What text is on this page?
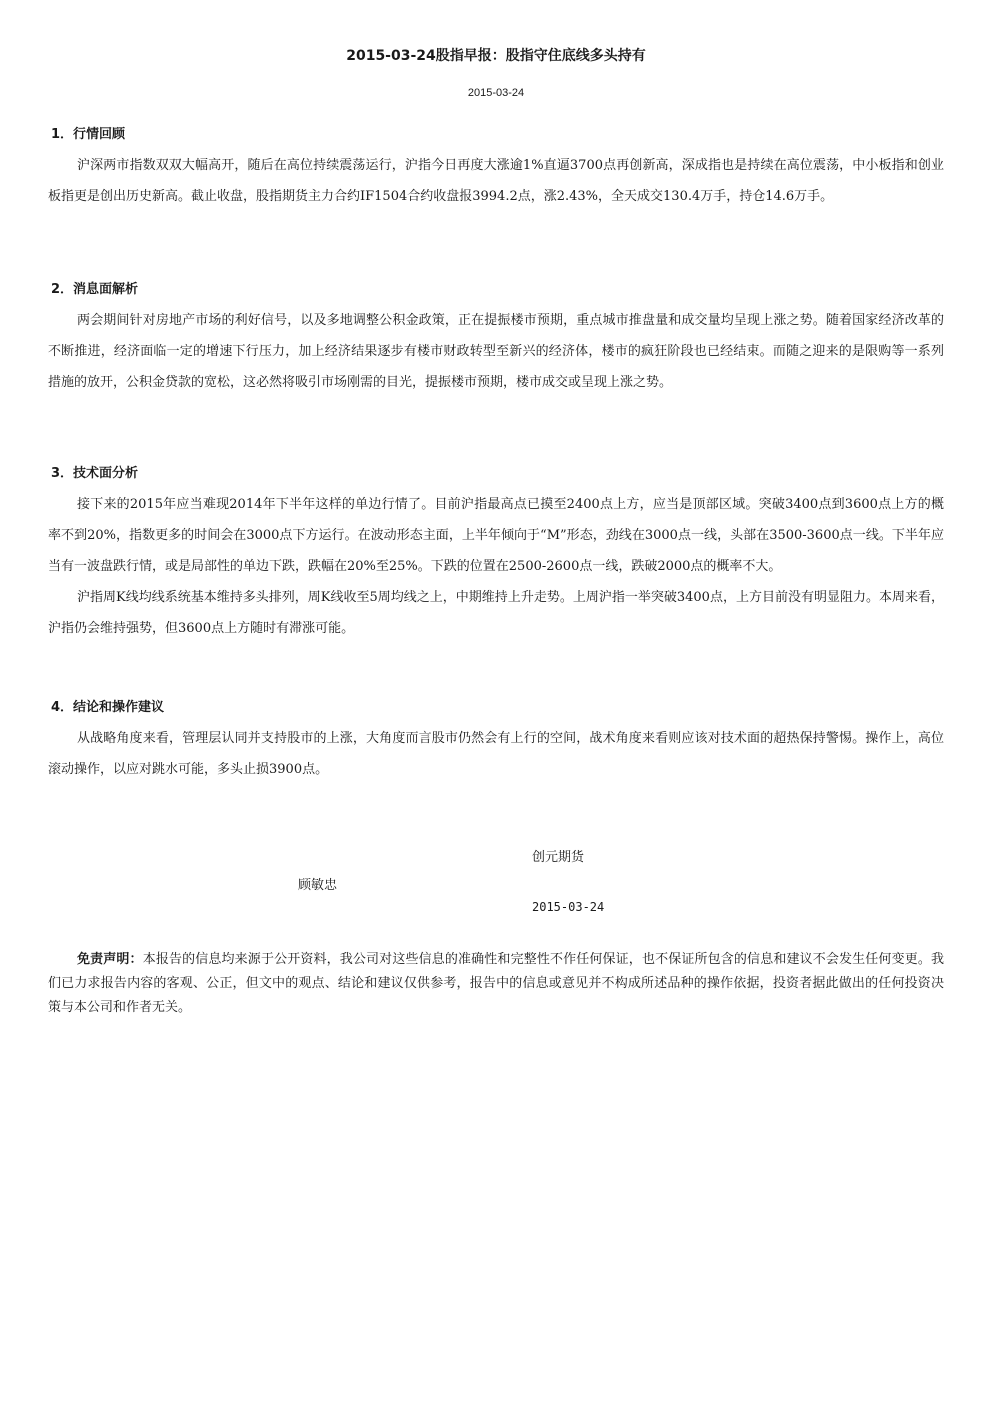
2015-03-24股指早报：股指守住底线多头持有
2015-03-24
1．行情回顾

沪深两市指数双双大幅高开，随后在高位持续震荡运行，沪指今日再度大涨逾1%直逼3700点再创新高，深成指也是持续在高位震荡，中小板指和创业板指更是创出历史新高。截止收盘，股指期货主力合约IF1504合约收盘报3994.2点，涨2.43%，全天成交130.4万手，持仓14.6万手。

2．消息面解析

两会期间针对房地产市场的利好信号，以及多地调整公积金政策，正在提振楼市预期，重点城市推盘量和成交量均呈现上涨之势。随着国家经济改革的不断推进，经济面临一定的增速下行压力，加上经济结果逐步有楼市财政转型至新兴的经济体，楼市的疯狂阶段也已经结束。而随之迎来的是限购等一系列措施的放开，公积金贷款的宽松，这必然将吸引市场刚需的目光，提振楼市预期，楼市成交或呈现上涨之势。

3．技术面分析

接下来的2015年应当难现2014年下半年这样的单边行情了。目前沪指最高点已摸至2400点上方，应当是顶部区域。突破3400点到3600点上方的概率不到20%，指数更多的时间会在3000点下方运行。在波动形态主面，上半年倾向于“M”形态，劲线在3000点一线，头部在3500-3600点一线。下半年应当有一波盘跌行情，或是局部性的单边下跌，跌幅在20%至25%。下跌的位置在2500-2600点一线，跌破2000点的概率不大。

沪指周K线均线系统基本维持多头排列，周K线收至5周均线之上，中期维持上升走势。上周沪指一举突破3400点，上方目前没有明显阻力。本周来看，沪指仍会维持强势，但3600点上方随时有滞涨可能。

4．结论和操作建议

从战略角度来看，管理层认同并支持股市的上涨，大角度而言股市仍然会有上行的空间，战术角度来看则应该对技术面的超热保持警惕。操作上，高位滚动操作，以应对跳水可能，多头止损3900点。

创元期货
顾敏忠
2015-03-24

免责声明：本报告的信息均来源于公开资料，我公司对这些信息的准确性和完整性不作任何保证，也不保证所包含的信息和建议不会发生任何变更。我们已力求报告内容的客观、公正，但文中的观点、结论和建议仅供参考，报告中的信息或意见并不构成所述品种的操作依据，投资者据此做出的任何投资决策与本公司和作者无关。
